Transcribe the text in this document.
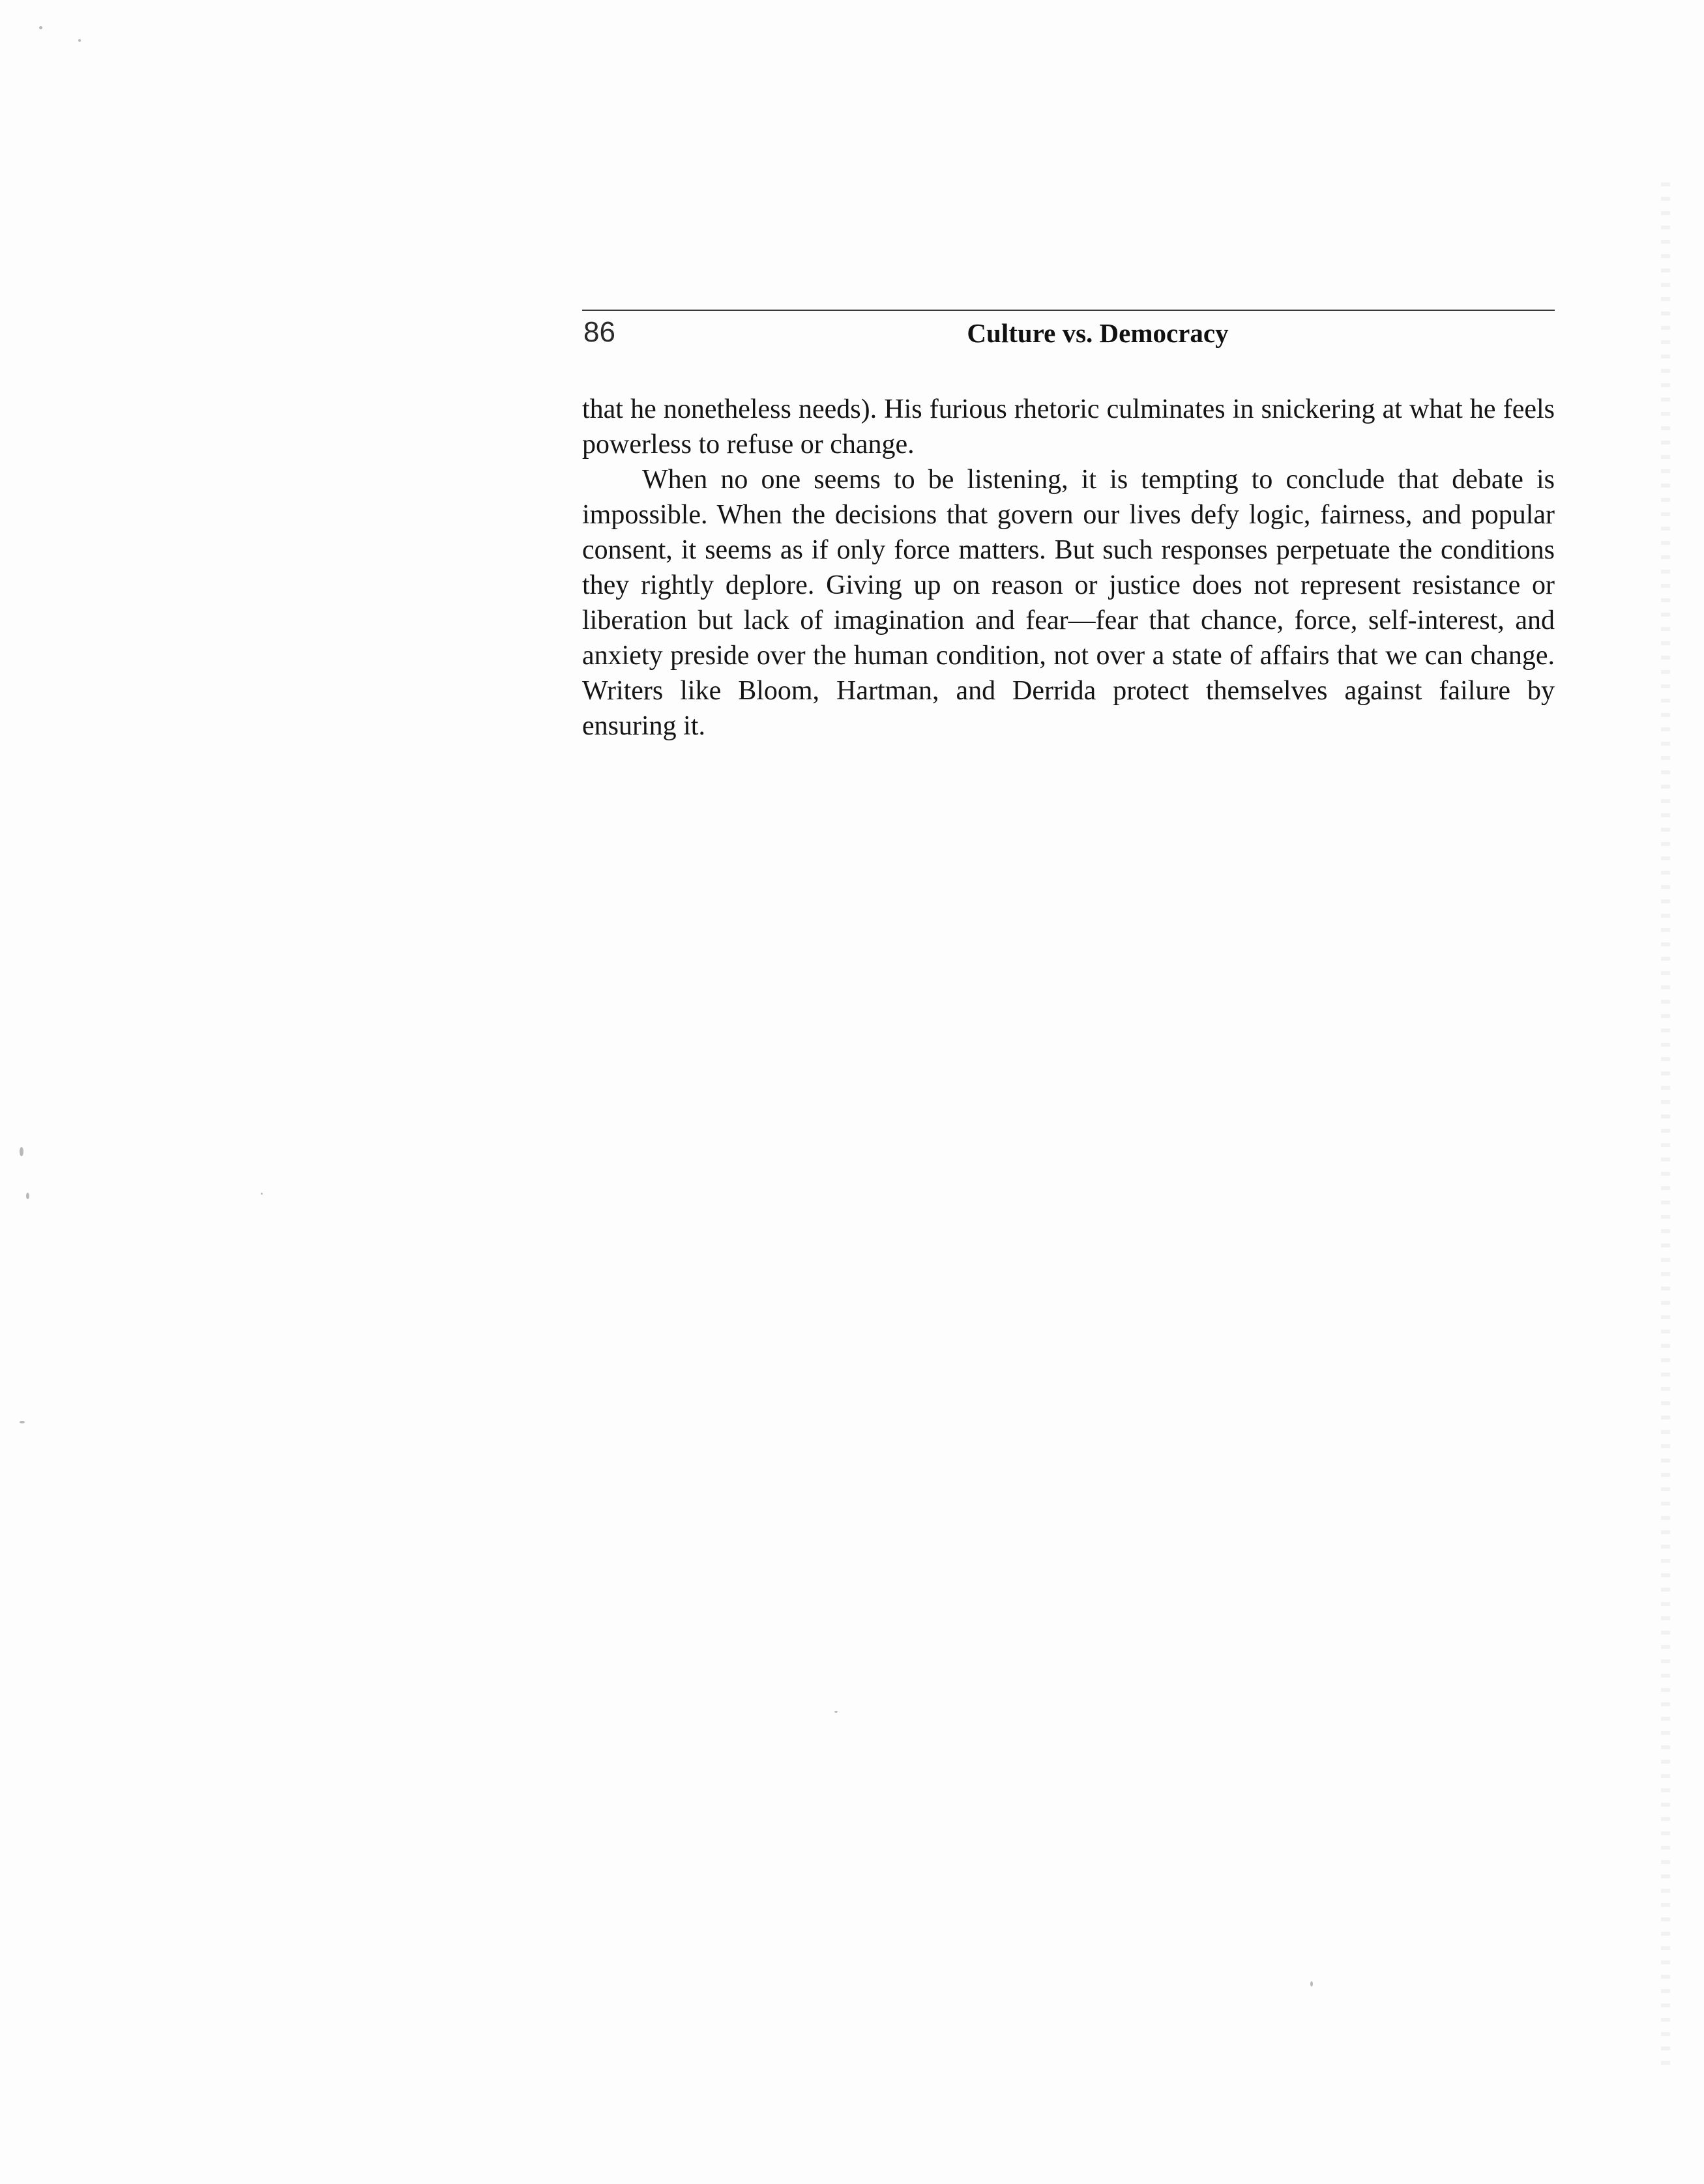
86	Culture vs. Democracy

that he nonetheless needs). His furious rhetoric culminates in snickering at what he feels powerless to refuse or change.

When no one seems to be listening, it is tempting to conclude that debate is impossible. When the decisions that govern our lives defy logic, fairness, and popular consent, it seems as if only force matters. But such responses perpetuate the conditions they rightly deplore. Giving up on reason or justice does not represent resistance or liberation but lack of imagination and fear—fear that chance, force, self-interest, and anxiety preside over the human condition, not over a state of affairs that we can change. Writers like Bloom, Hartman, and Derrida protect themselves against failure by ensuring it.
